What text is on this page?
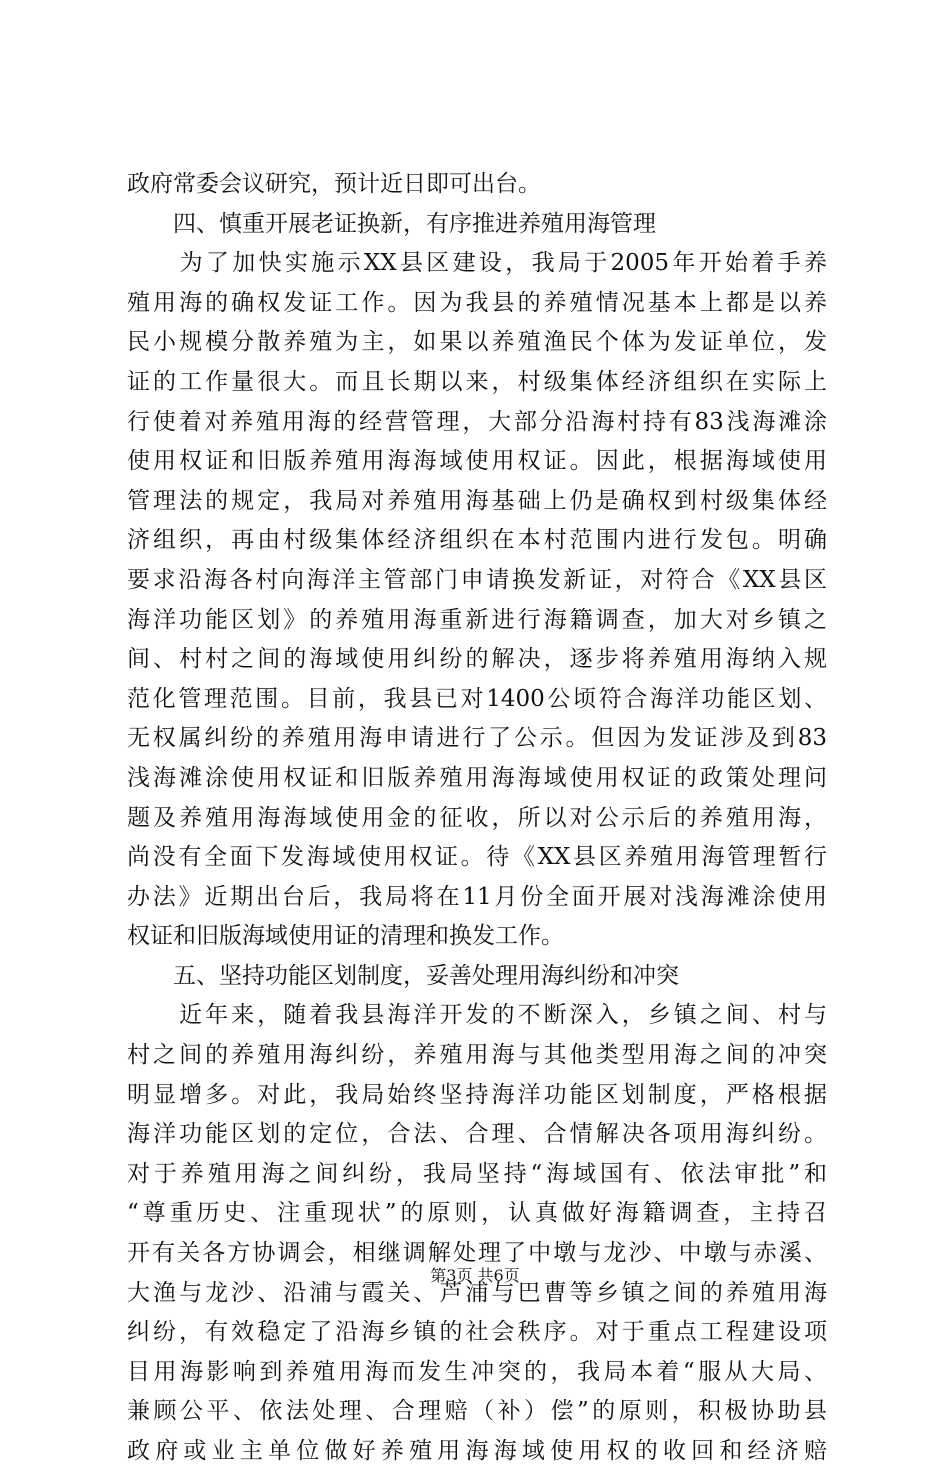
政府常委会议研究，预计近日即可出台。
　　四、慎重开展老证换新，有序推进养殖用海管理
　　为了加快实施示XX县区建设，我局于2005年开始着手养
殖用海的确权发证工作。因为我县的养殖情况基本上都是以养
民小规模分散养殖为主，如果以养殖渔民个体为发证单位，发
证的工作量很大。而且长期以来，村级集体经济组织在实际上
行使着对养殖用海的经营管理，大部分沿海村持有83浅海滩涂
使用权证和旧版养殖用海海域使用权证。因此，根据海域使用
管理法的规定，我局对养殖用海基础上仍是确权到村级集体经
济组织，再由村级集体经济组织在本村范围内进行发包。明确
要求沿海各村向海洋主管部门申请换发新证，对符合《XX县区
海洋功能区划》的养殖用海重新进行海籍调查，加大对乡镇之
间、村村之间的海域使用纠纷的解决，逐步将养殖用海纳入规
范化管理范围。目前，我县已对1400公顷符合海洋功能区划、
无权属纠纷的养殖用海申请进行了公示。但因为发证涉及到83
浅海滩涂使用权证和旧版养殖用海海域使用权证的政策处理问
题及养殖用海海域使用金的征收，所以对公示后的养殖用海，
尚没有全面下发海域使用权证。待《XX县区养殖用海管理暂行
办法》近期出台后，我局将在11月份全面开展对浅海滩涂使用
权证和旧版海域使用证的清理和换发工作。
　　五、坚持功能区划制度，妥善处理用海纠纷和冲突
　　近年来，随着我县海洋开发的不断深入，乡镇之间、村与
村之间的养殖用海纠纷，养殖用海与其他类型用海之间的冲突
明显增多。对此，我局始终坚持海洋功能区划制度，严格根据
海洋功能区划的定位，合法、合理、合情解决各项用海纠纷。
对于养殖用海之间纠纷，我局坚持“海域国有、依法审批”和
“尊重历史、注重现状”的原则，认真做好海籍调查，主持召
开有关各方协调会，相继调解处理了中墩与龙沙、中墩与赤溪、
大渔与龙沙、沿浦与霞关、芦浦与巴曹等乡镇之间的养殖用海
纠纷，有效稳定了沿海乡镇的社会秩序。对于重点工程建设项
目用海影响到养殖用海而发生冲突的，我局本着“服从大局、
兼顾公平、依法处理、合理赔（补）偿”的原则，积极协助县
政府或业主单位做好养殖用海海域使用权的收回和经济赔
第3页 共6页
